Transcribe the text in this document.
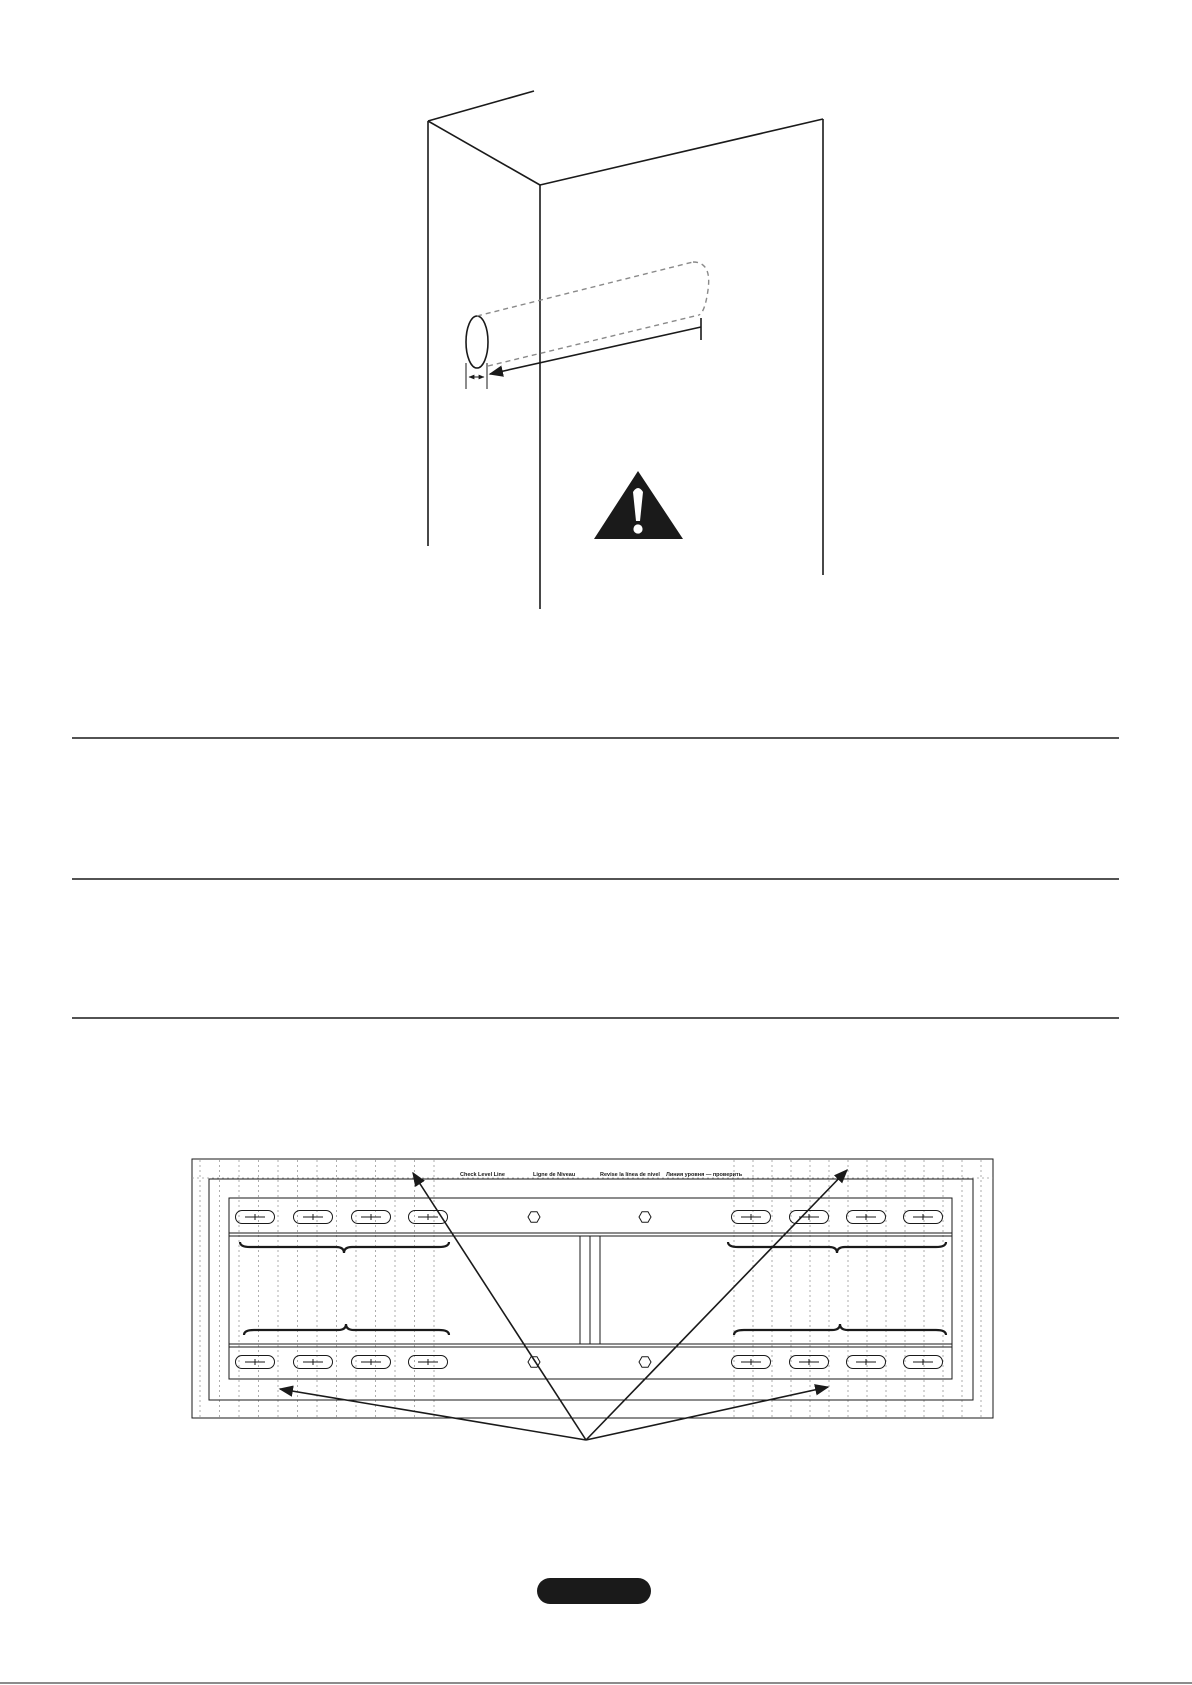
Check Level Line	Ligne de Niveau	Revise la línea de nivel Линия уровня — проверить
